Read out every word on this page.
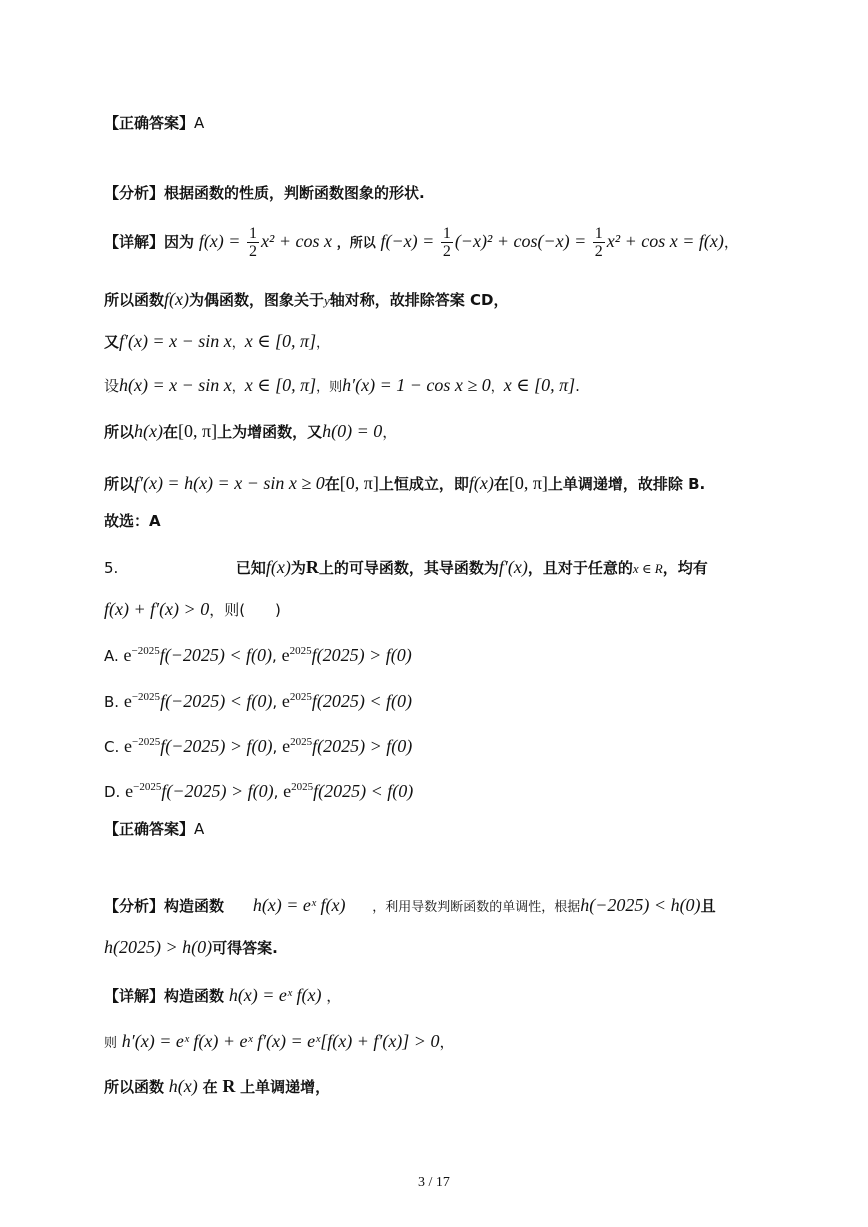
【正确答案】A
【分析】根据函数的性质，判断函数图象的形状.
【详解】因为 $f(x) = \frac{1}{2} x^2 + \cos x$ ，所以 $f(-x) = \frac{1}{2} (-x)^2 + \cos(-x) = \frac{1}{2} x^2 + \cos x = f(x)$，
所以函数f(x)为偶函数，图象关于y轴对称，故排除答案 CD，
又f′(x) = x − sin x，x ∈ [0, π]，
设h(x) = x − sin x，x ∈ [0, π]，则h′(x) = 1 − cos x ≥ 0，x ∈ [0, π].
所以h(x)在[0, π]上为增函数，又h(0) = 0，
所以f′(x) = h(x) = x − sin x ≥ 0在[0, π]上恒成立，即f(x)在[0, π]上单调递增，故排除 B.
故选：A
5.	已知f(x)为R上的可导函数，其导函数为f′(x)，且对于任意的x ∈ R，均有
f(x) + f′(x) > 0，则(　　)
A. $e^{-2025}f(-2025) < f(0)$, $e^{2025}f(2025) > f(0)$
B. $e^{-2025}f(-2025) < f(0)$, $e^{2025}f(2025) < f(0)$
C. $e^{-2025}f(-2025) > f(0)$, $e^{2025}f(2025) > f(0)$
D. $e^{-2025}f(-2025) > f(0)$, $e^{2025}f(2025) < f(0)$
【正确答案】A
【分析】构造函数 h(x) = eˣ f(x) ，利用导数判断函数的单调性，根据h(−2025) < h(0)且
h(2025) > h(0)可得答案.
【详解】构造函数 h(x) = eˣ f(x) ，
则 h′(x) = eˣ f(x) + eˣ f′(x) = eˣ[f(x) + f′(x)] > 0，
所以函数 h(x) 在 R 上单调递增，
3 / 17
